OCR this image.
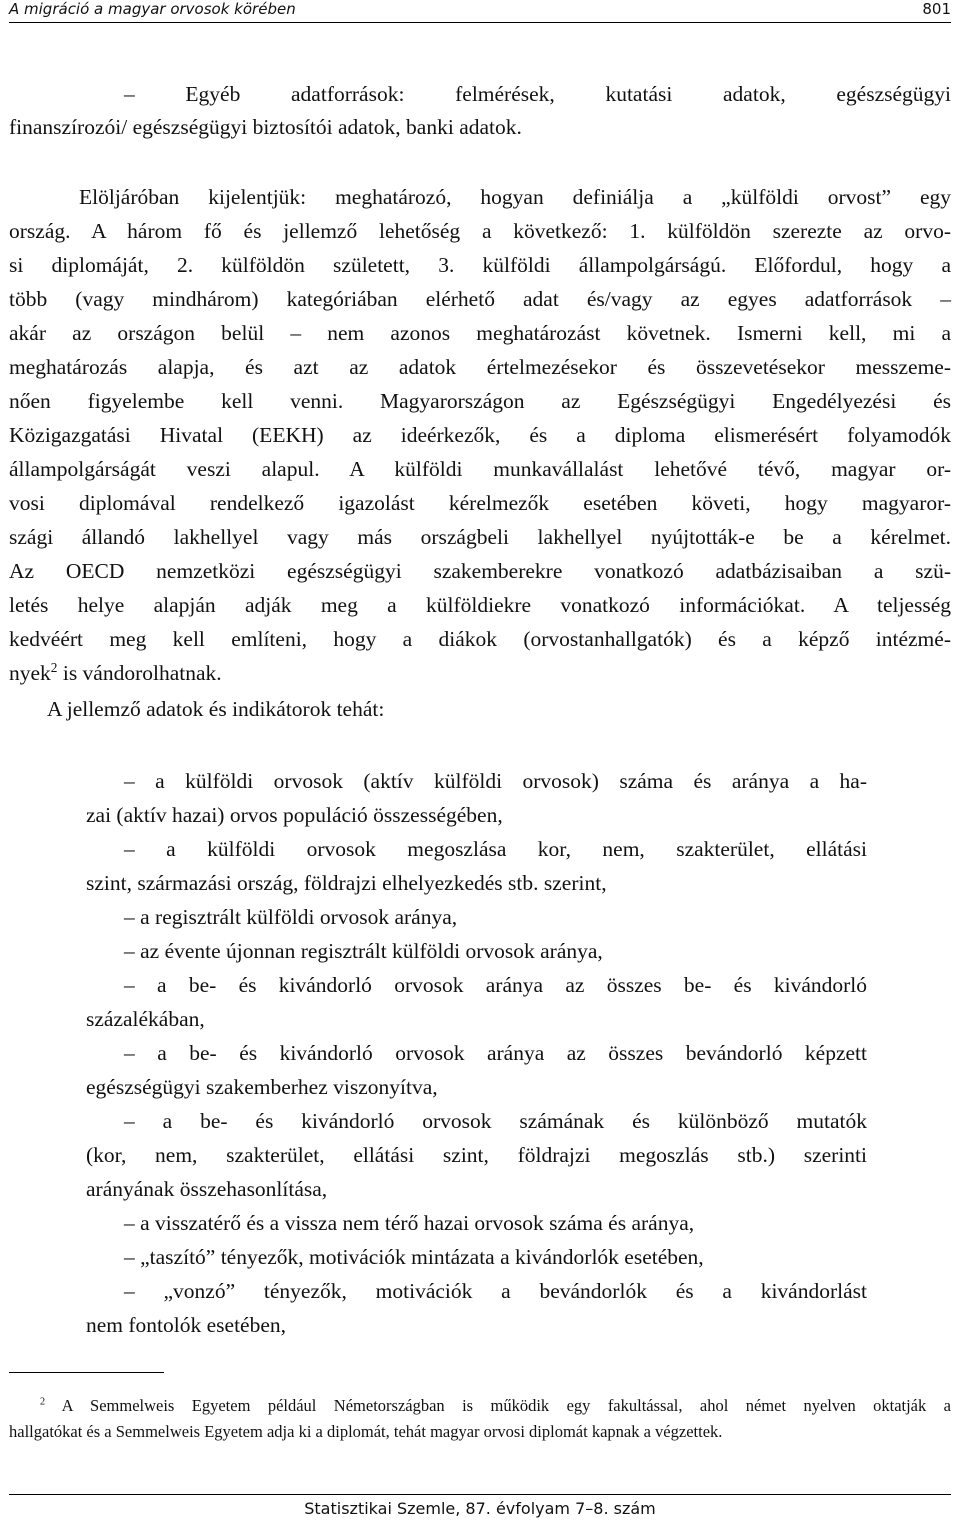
A migráció a magyar orvosok körében	801
– Egyéb adatforrások: felmérések, kutatási adatok, egészségügyi
finanszírozói/ egészségügyi biztosítói adatok, banki adatok.
Elöljáróban kijelentjük: meghatározó, hogyan definiálja a „külföldi orvost” egy
ország. A három fő és jellemző lehetőség a következő: 1. külföldön szerezte az orvo-
si diplomáját, 2. külföldön született, 3. külföldi állampolgárságú. Előfordul, hogy a
több (vagy mindhárom) kategóriában elérhető adat és/vagy az egyes adatforrások –
akár az országon belül – nem azonos meghatározást követnek. Ismerni kell, mi a
meghatározás alapja, és azt az adatok értelmezésekor és összevetésekor messzeme-
nően figyelembe kell venni. Magyarországon az Egészségügyi Engedélyezési és
Közigazgatási Hivatal (EEKH) az ideérkezők, és a diploma elismerésért folyamodók
állampolgárságát veszi alapul. A külföldi munkavállalást lehetővé tévő, magyar or-
vosi diplomával rendelkező igazolást kérelmezők esetében követi, hogy magyaror-
szági állandó lakhellyel vagy más országbeli lakhellyel nyújtották-e be a kérelmet.
Az OECD nemzetközi egészségügyi szakemberekre vonatkozó adatbázisaiban a szü-
letés helye alapján adják meg a külföldiekre vonatkozó információkat. A teljesség
kedvéért meg kell említeni, hogy a diákok (orvostanhallgatók) és a képző intézmé-
nyek$^2$ is vándorolhatnak.
A jellemző adatok és indikátorok tehát:
– a külföldi orvosok (aktív külföldi orvosok) száma és aránya a ha-
zai (aktív hazai) orvos populáció összességében,
– a külföldi orvosok megoszlása kor, nem, szakterület, ellátási
szint, származási ország, földrajzi elhelyezkedés stb. szerint,
– a regisztrált külföldi orvosok aránya,
– az évente újonnan regisztrált külföldi orvosok aránya,
– a be- és kivándorló orvosok aránya az összes be- és kivándorló
százalékában,
– a be- és kivándorló orvosok aránya az összes bevándorló képzett
egészségügyi szakemberhez viszonyítva,
– a be- és kivándorló orvosok számának és különböző mutatók
(kor, nem, szakterület, ellátási szint, földrajzi megoszlás stb.) szerinti
arányának összehasonlítása,
– a visszatérő és a vissza nem térő hazai orvosok száma és aránya,
– „taszító” tényezők, motivációk mintázata a kivándorlók esetében,
– „vonzó” tényezők, motivációk a bevándorlók és a kivándorlást
nem fontolók esetében,
$^2$ A Semmelweis Egyetem például Németországban is működik egy fakultással, ahol német nyelven oktatják a
hallgatókat és a Semmelweis Egyetem adja ki a diplomát, tehát magyar orvosi diplomát kapnak a végzettek.
Statisztikai Szemle, 87. évfolyam 7–8. szám
